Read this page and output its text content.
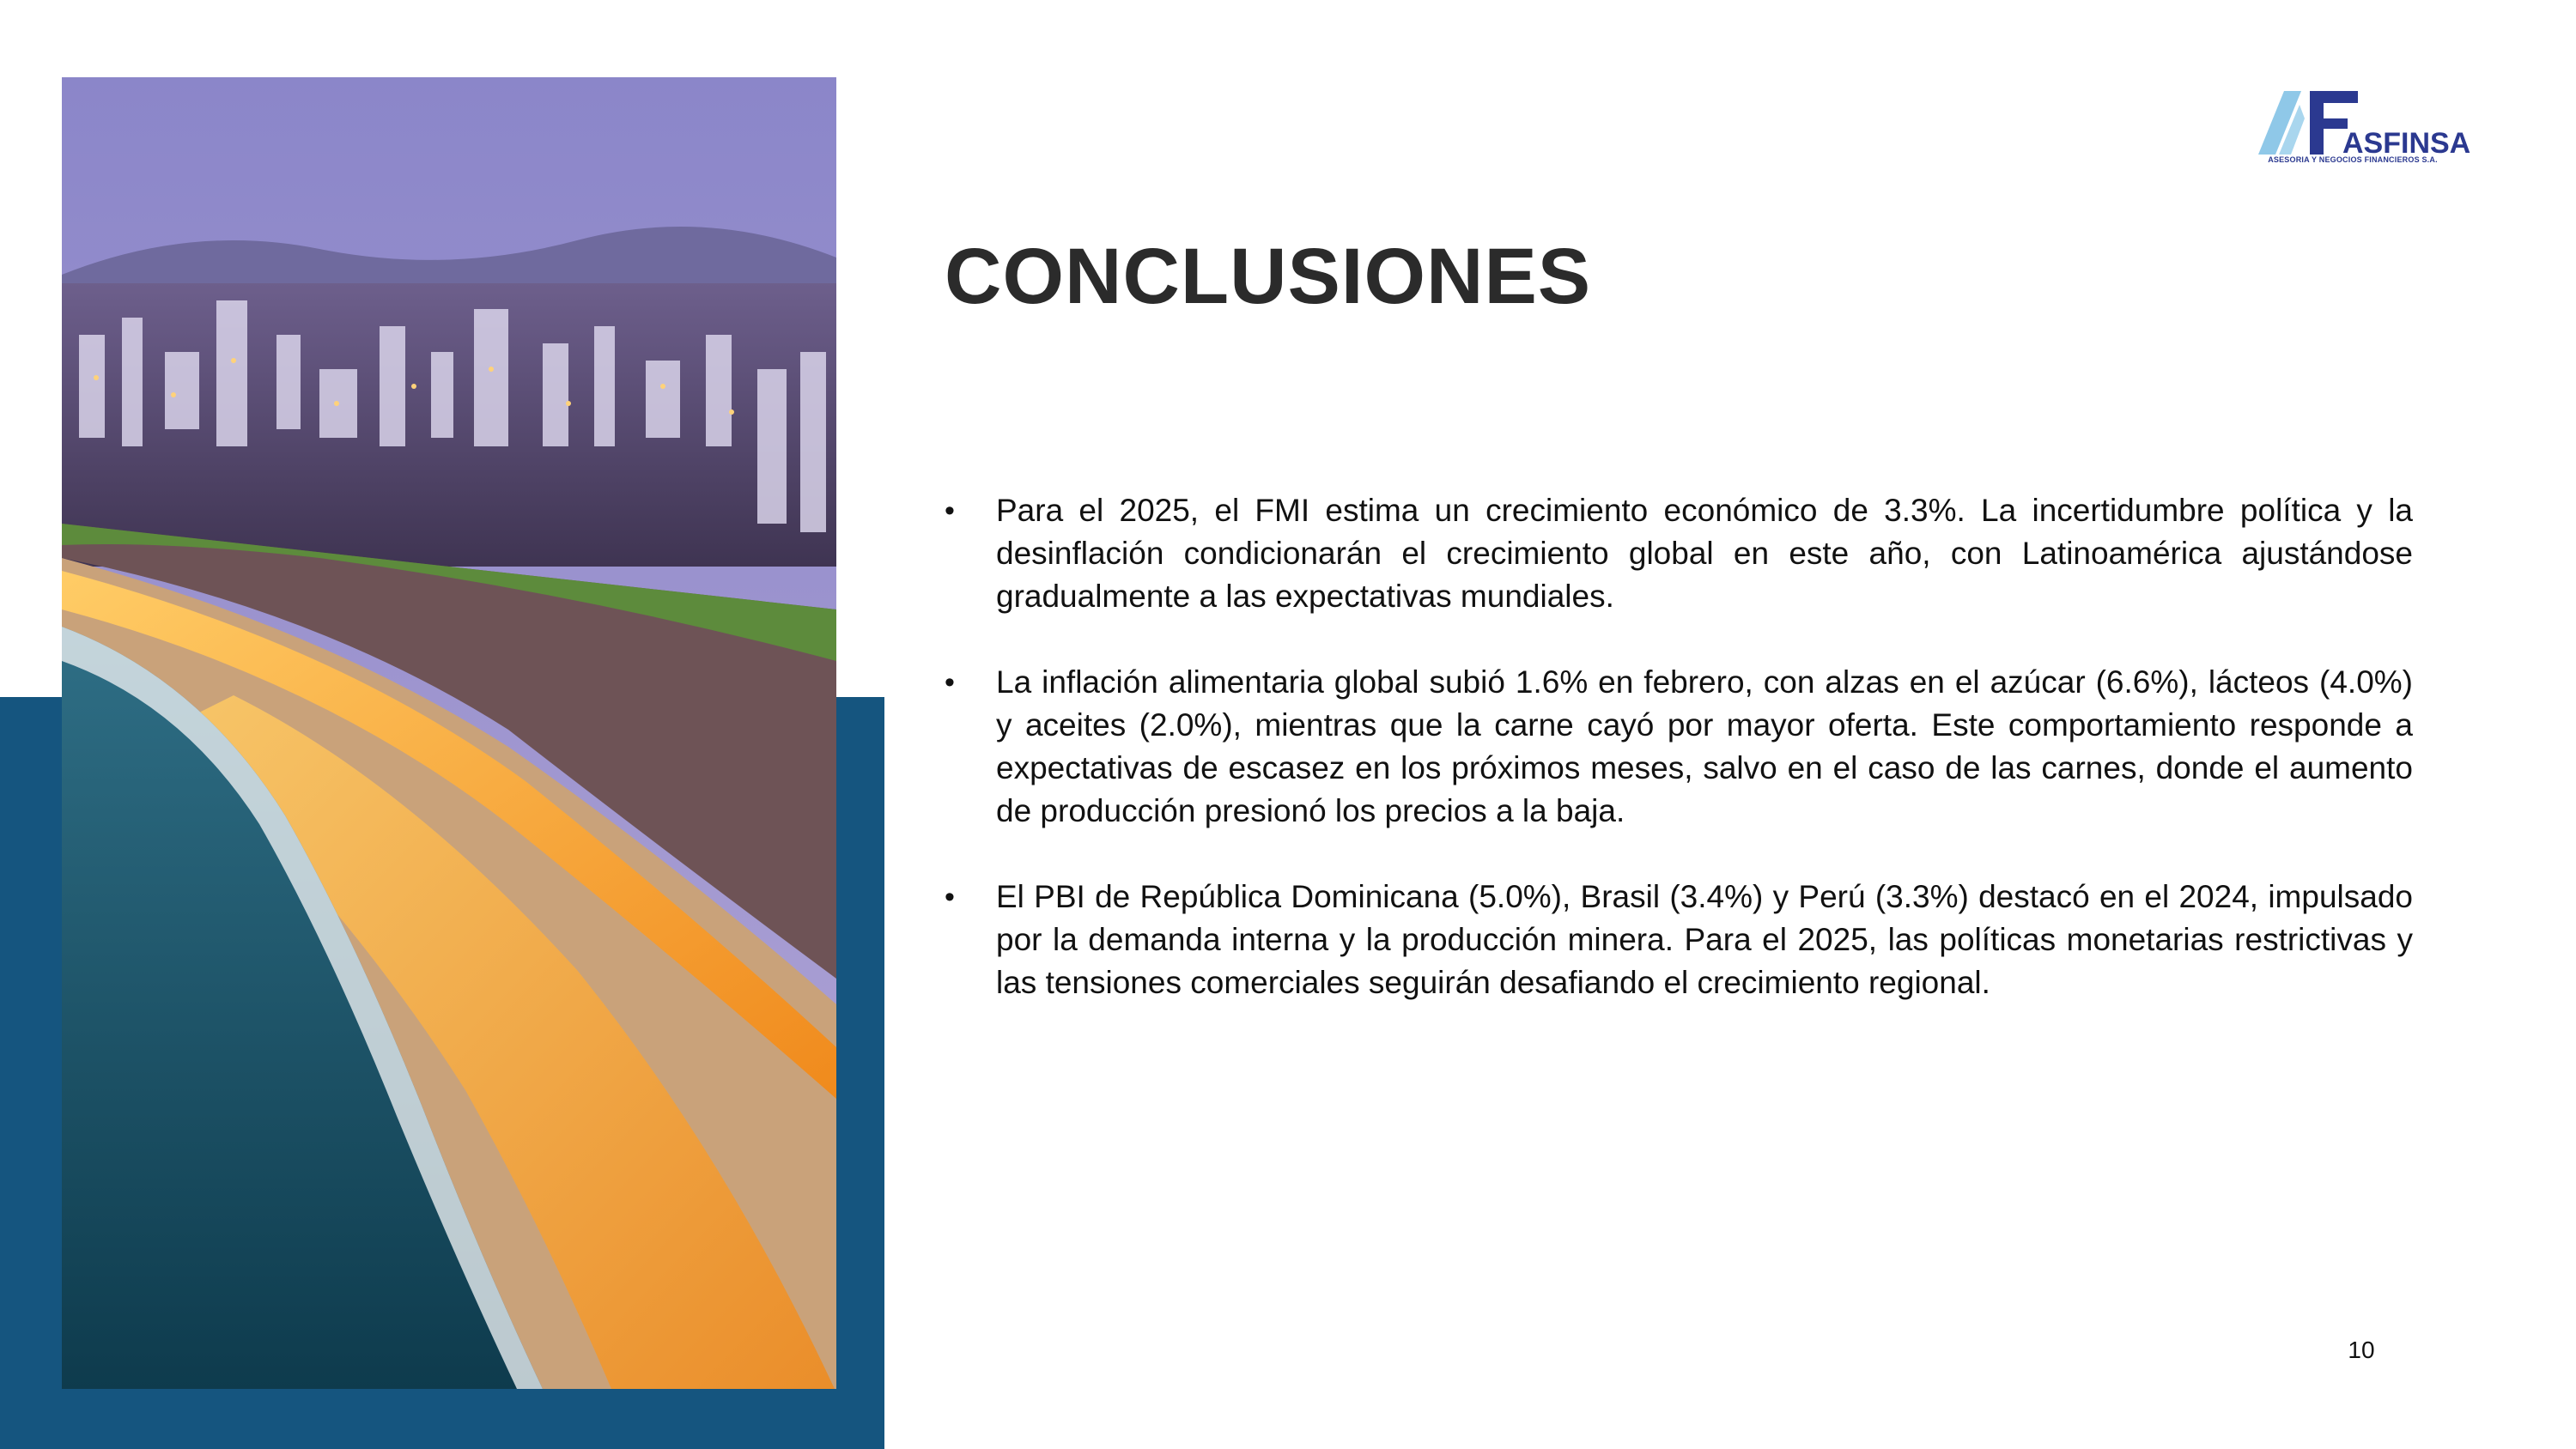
ASFINSA
ASESORIA Y NEGOCIOS FINANCIEROS S.A.
CONCLUSIONES
• Para el 2025, el FMI estima un crecimiento económico de 3.3%. La incertidumbre política y la desinflación condicionarán el crecimiento global en este año, con Latinoamérica ajustándose gradualmente a las expectativas mundiales.
• La inflación alimentaria global subió 1.6% en febrero, con alzas en el azúcar (6.6%), lácteos (4.0%) y aceites (2.0%), mientras que la carne cayó por mayor oferta. Este comportamiento responde a expectativas de escasez en los próximos meses, salvo en el caso de las carnes, donde el aumento de producción presionó los precios a la baja.
• El PBI de República Dominicana (5.0%), Brasil (3.4%) y Perú (3.3%) destacó en el 2024, impulsado por la demanda interna y la producción minera. Para el 2025, las políticas monetarias restrictivas y las tensiones comerciales seguirán desafiando el crecimiento regional.
10
